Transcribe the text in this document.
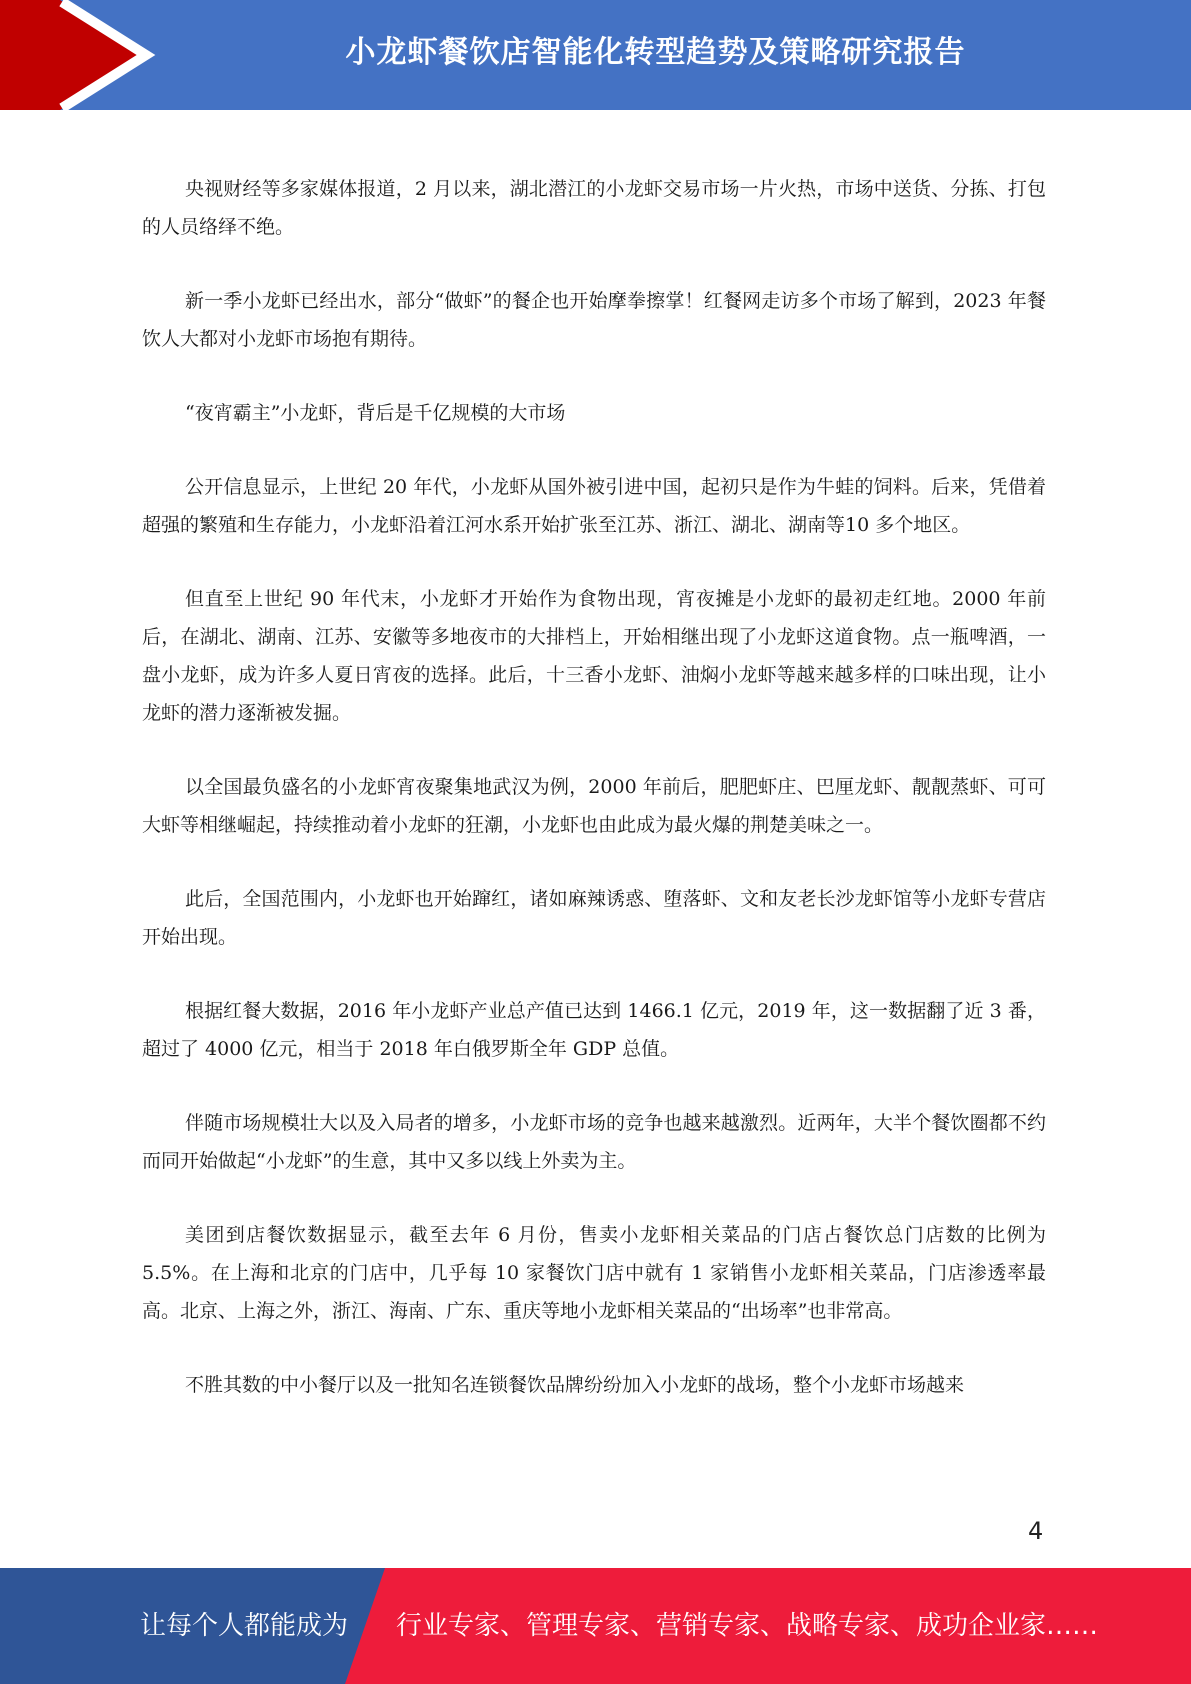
小龙虾餐饮店智能化转型趋势及策略研究报告

央视财经等多家媒体报道，2 月以来，湖北潜江的小龙虾交易市场一片火热，市场中送货、分拣、打包的人员络绎不绝。

新一季小龙虾已经出水，部分“做虾”的餐企也开始摩拳擦掌！红餐网走访多个市场了解到，2023 年餐饮人大都对小龙虾市场抱有期待。

“夜宵霸主”小龙虾，背后是千亿规模的大市场

公开信息显示，上世纪 20 年代，小龙虾从国外被引进中国，起初只是作为牛蛙的饲料。后来，凭借着超强的繁殖和生存能力，小龙虾沿着江河水系开始扩张至江苏、浙江、湖北、湖南等10 多个地区。

但直至上世纪 90 年代末，小龙虾才开始作为食物出现，宵夜摊是小龙虾的最初走红地。2000 年前后，在湖北、湖南、江苏、安徽等多地夜市的大排档上，开始相继出现了小龙虾这道食物。点一瓶啤酒，一盘小龙虾，成为许多人夏日宵夜的选择。此后，十三香小龙虾、油焖小龙虾等越来越多样的口味出现，让小龙虾的潜力逐渐被发掘。

以全国最负盛名的小龙虾宵夜聚集地武汉为例，2000 年前后，肥肥虾庄、巴厘龙虾、靓靓蒸虾、可可大虾等相继崛起，持续推动着小龙虾的狂潮，小龙虾也由此成为最火爆的荆楚美味之一。

此后，全国范围内，小龙虾也开始蹿红，诸如麻辣诱惑、堕落虾、文和友老长沙龙虾馆等小龙虾专营店开始出现。

根据红餐大数据，2016 年小龙虾产业总产值已达到 1466.1 亿元，2019 年，这一数据翻了近 3 番，超过了 4000 亿元，相当于 2018 年白俄罗斯全年 GDP 总值。

伴随市场规模壮大以及入局者的增多，小龙虾市场的竞争也越来越激烈。近两年，大半个餐饮圈都不约而同开始做起“小龙虾”的生意，其中又多以线上外卖为主。

美团到店餐饮数据显示，截至去年 6 月份，售卖小龙虾相关菜品的门店占餐饮总门店数的比例为 5.5%。在上海和北京的门店中，几乎每 10 家餐饮门店中就有 1 家销售小龙虾相关菜品，门店渗透率最高。北京、上海之外，浙江、海南、广东、重庆等地小龙虾相关菜品的“出场率”也非常高。

不胜其数的中小餐厅以及一批知名连锁餐饮品牌纷纷加入小龙虾的战场，整个小龙虾市场越来

4
让每个人都能成为 行业专家、管理专家、营销专家、战略专家、成功企业家……
